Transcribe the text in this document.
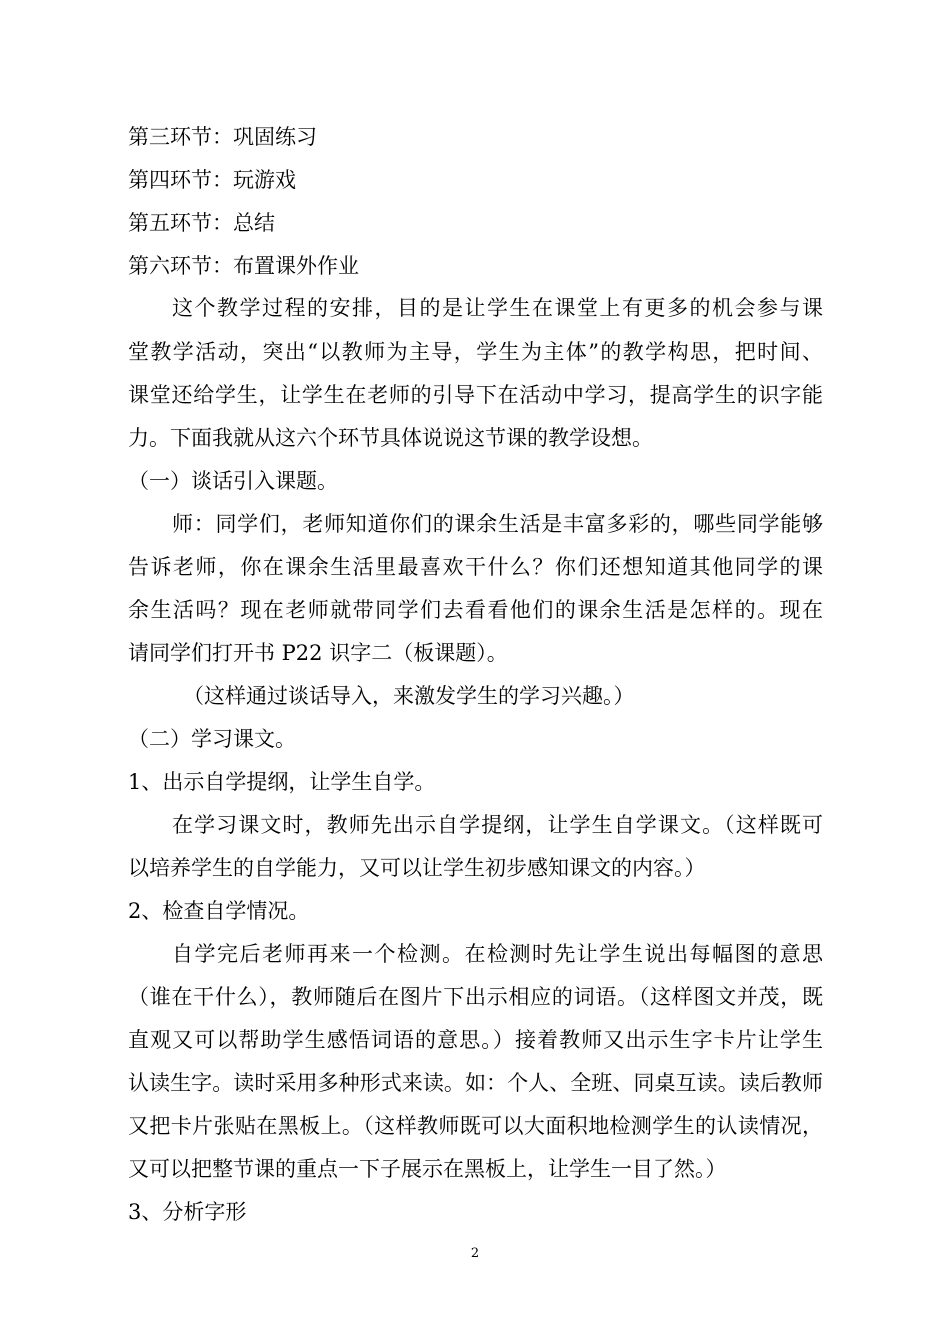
第三环节：巩固练习
第四环节：玩游戏
第五环节：总结
第六环节：布置课外作业
这个教学过程的安排，目的是让学生在课堂上有更多的机会参与课
堂教学活动，突出“以教师为主导，学生为主体”的教学构思，把时间、
课堂还给学生，让学生在老师的引导下在活动中学习，提高学生的识字能
力。下面我就从这六个环节具体说说这节课的教学设想。
（一）谈话引入课题。
师：同学们，老师知道你们的课余生活是丰富多彩的，哪些同学能够
告诉老师，你在课余生活里最喜欢干什么？你们还想知道其他同学的课
余生活吗？现在老师就带同学们去看看他们的课余生活是怎样的。现在
请同学们打开书 P22 识字二（板课题）。
（这样通过谈话导入，来激发学生的学习兴趣。）
（二）学习课文。
1、出示自学提纲，让学生自学。
在学习课文时，教师先出示自学提纲，让学生自学课文。（这样既可
以培养学生的自学能力，又可以让学生初步感知课文的内容。）
2、检查自学情况。
自学完后老师再来一个检测。在检测时先让学生说出每幅图的意思
（谁在干什么），教师随后在图片下出示相应的词语。（这样图文并茂，既
直观又可以帮助学生感悟词语的意思。）接着教师又出示生字卡片让学生
认读生字。读时采用多种形式来读。如：个人、全班、同桌互读。读后教师
又把卡片张贴在黑板上。（这样教师既可以大面积地检测学生的认读情况，
又可以把整节课的重点一下子展示在黑板上，让学生一目了然。）
3、分析字形
2
